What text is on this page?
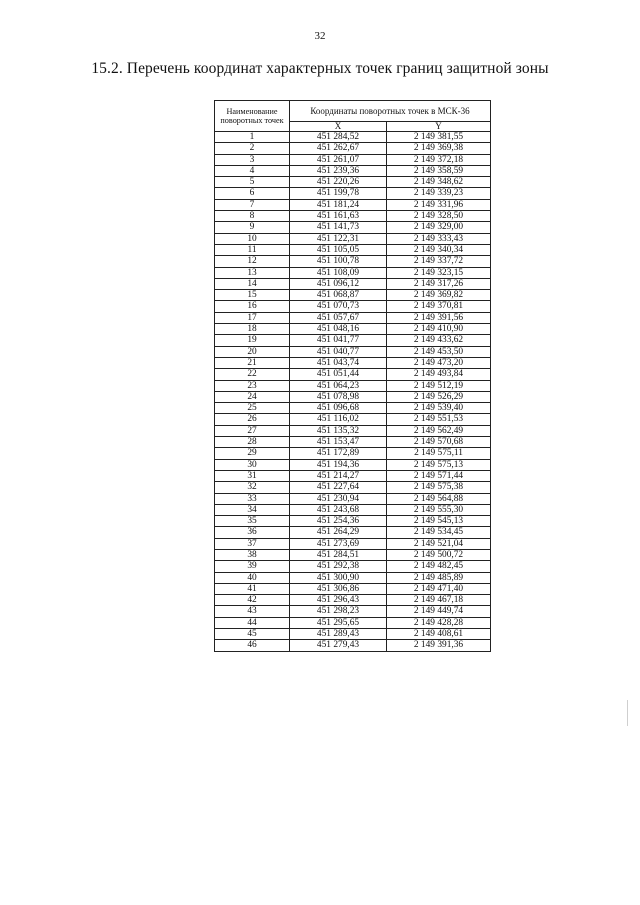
32
15.2. Перечень координат характерных точек границ защитной зоны
Наименование поворотных точек	Координаты поворотных точек в МСК-36	
	X	Y
1	451 284,52	2 149 381,55
2	451 262,67	2 149 369,38
3	451 261,07	2 149 372,18
4	451 239,36	2 149 358,59
5	451 220,26	2 149 348,62
6	451 199,78	2 149 339,23
7	451 181,24	2 149 331,96
8	451 161,63	2 149 328,50
9	451 141,73	2 149 329,00
10	451 122,31	2 149 333,43
11	451 105,05	2 149 340,34
12	451 100,78	2 149 337,72
13	451 108,09	2 149 323,15
14	451 096,12	2 149 317,26
15	451 068,87	2 149 369,82
16	451 070,73	2 149 370,81
17	451 057,67	2 149 391,56
18	451 048,16	2 149 410,90
19	451 041,77	2 149 433,62
20	451 040,77	2 149 453,50
21	451 043,74	2 149 473,20
22	451 051,44	2 149 493,84
23	451 064,23	2 149 512,19
24	451 078,98	2 149 526,29
25	451 096,68	2 149 539,40
26	451 116,02	2 149 551,53
27	451 135,32	2 149 562,49
28	451 153,47	2 149 570,68
29	451 172,89	2 149 575,11
30	451 194,36	2 149 575,13
31	451 214,27	2 149 571,44
32	451 227,64	2 149 575,38
33	451 230,94	2 149 564,88
34	451 243,68	2 149 555,30
35	451 254,36	2 149 545,13
36	451 264,29	2 149 534,45
37	451 273,69	2 149 521,04
38	451 284,51	2 149 500,72
39	451 292,38	2 149 482,45
40	451 300,90	2 149 485,89
41	451 306,86	2 149 471,40
42	451 296,43	2 149 467,18
43	451 298,23	2 149 449,74
44	451 295,65	2 149 428,28
45	451 289,43	2 149 408,61
46	451 279,43	2 149 391,36
